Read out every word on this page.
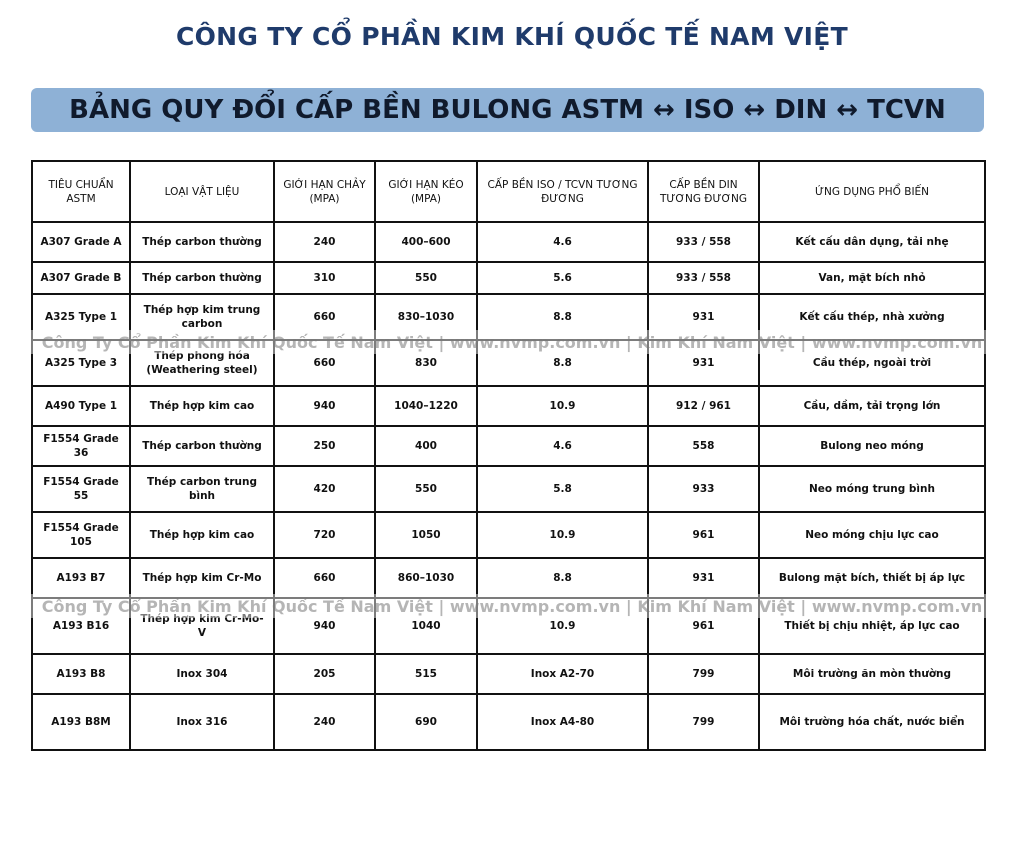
CÔNG TY CỔ PHẦN KIM KHÍ QUỐC TẾ NAM VIỆT
BẢNG QUY ĐỔI CẤP BỀN BULONG ASTM ↔ ISO ↔ DIN ↔ TCVN
TIÊU CHUẨN ASTM	LOẠI VẬT LIỆU	GIỚI HẠN CHẢY (MPA)	GIỚI HẠN KÉO (MPA)	CẤP BỀN ISO / TCVN TƯƠNG ĐƯƠNG	CẤP BỀN DIN TƯƠNG ĐƯƠNG	ỨNG DỤNG PHỔ BIẾN
A307 Grade A	Thép carbon thường	240	400–600	4.6	933 / 558	Kết cấu dân dụng, tải nhẹ
A307 Grade B	Thép carbon thường	310	550	5.6	933 / 558	Van, mặt bích nhỏ
A325 Type 1	Thép hợp kim trung carbon	660	830–1030	8.8	931	Kết cấu thép, nhà xưởng
A325 Type 3	Thép phong hóa (Weathering steel)	660	830	8.8	931	Cầu thép, ngoài trời
A490 Type 1	Thép hợp kim cao	940	1040–1220	10.9	912 / 961	Cầu, dầm, tải trọng lớn
F1554 Grade 36	Thép carbon thường	250	400	4.6	558	Bulong neo móng
F1554 Grade 55	Thép carbon trung bình	420	550	5.8	933	Neo móng trung bình
F1554 Grade 105	Thép hợp kim cao	720	1050	10.9	961	Neo móng chịu lực cao
A193 B7	Thép hợp kim Cr-Mo	660	860–1030	8.8	931	Bulong mặt bích, thiết bị áp lực
A193 B16	Thép hợp kim Cr-Mo-V	940	1040	10.9	961	Thiết bị chịu nhiệt, áp lực cao
A193 B8	Inox 304	205	515	Inox A2-70	799	Môi trường ăn mòn thường
A193 B8M	Inox 316	240	690	Inox A4-80	799	Môi trường hóa chất, nước biển
Công Ty Cổ Phần Kim Khí Quốc Tế Nam Việt | www.nvmp.com.vn | Kim Khí Nam Việt | www.nvmp.com.vn
Công Ty Cổ Phần Kim Khí Quốc Tế Nam Việt | www.nvmp.com.vn | Kim Khí Nam Việt | www.nvmp.com.vn
